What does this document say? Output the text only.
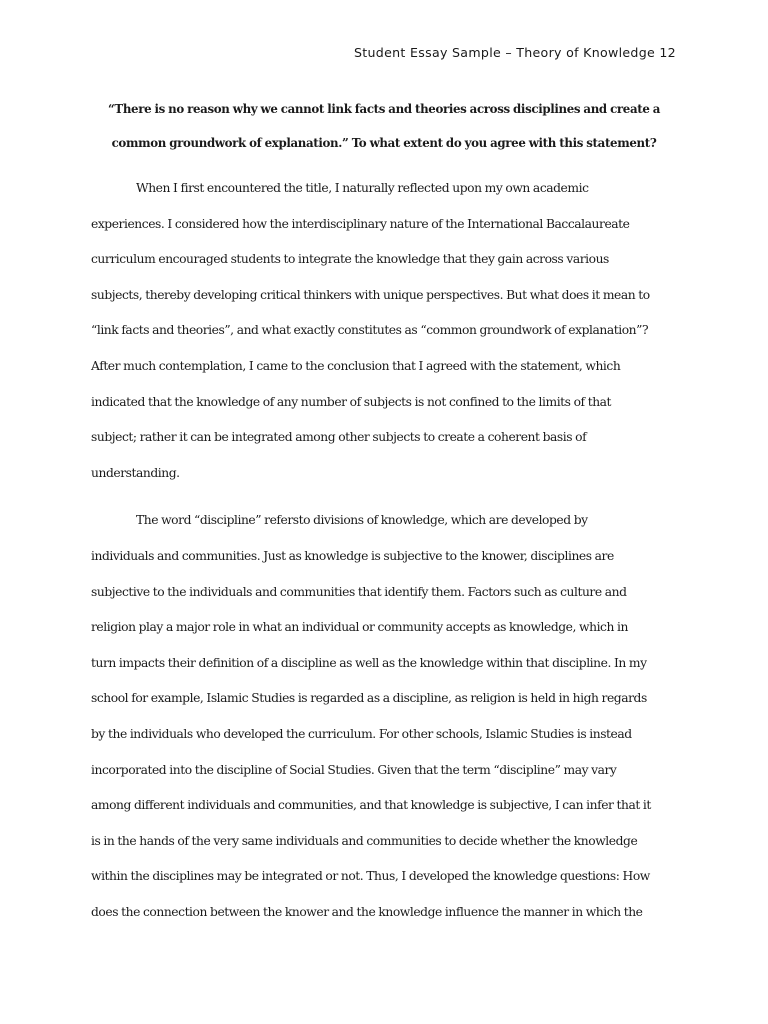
Student Essay Sample – Theory of Knowledge 12
“There is no reason why we cannot link facts and theories across disciplines and create a
common groundwork of explanation.” To what extent do you agree with this statement?
When I first encountered the title, I naturally reflected upon my own academic
experiences. I considered how the interdisciplinary nature of the International Baccalaureate
curriculum encouraged students to integrate the knowledge that they gain across various
subjects, thereby developing critical thinkers with unique perspectives. But what does it mean to
“link facts and theories”, and what exactly constitutes as “common groundwork of explanation”?
After much contemplation, I came to the conclusion that I agreed with the statement, which
indicated that the knowledge of any number of subjects is not confined to the limits of that
subject; rather it can be integrated among other subjects to create a coherent basis of
understanding.
The word “discipline” refersto divisions of knowledge, which are developed by
individuals and communities. Just as knowledge is subjective to the knower, disciplines are
subjective to the individuals and communities that identify them. Factors such as culture and
religion play a major role in what an individual or community accepts as knowledge, which in
turn impacts their definition of a discipline as well as the knowledge within that discipline. In my
school for example, Islamic Studies is regarded as a discipline, as religion is held in high regards
by the individuals who developed the curriculum. For other schools, Islamic Studies is instead
incorporated into the discipline of Social Studies. Given that the term “discipline” may vary
among different individuals and communities, and that knowledge is subjective, I can infer that it
is in the hands of the very same individuals and communities to decide whether the knowledge
within the disciplines may be integrated or not. Thus, I developed the knowledge questions: How
does the connection between the knower and the knowledge influence the manner in which the
